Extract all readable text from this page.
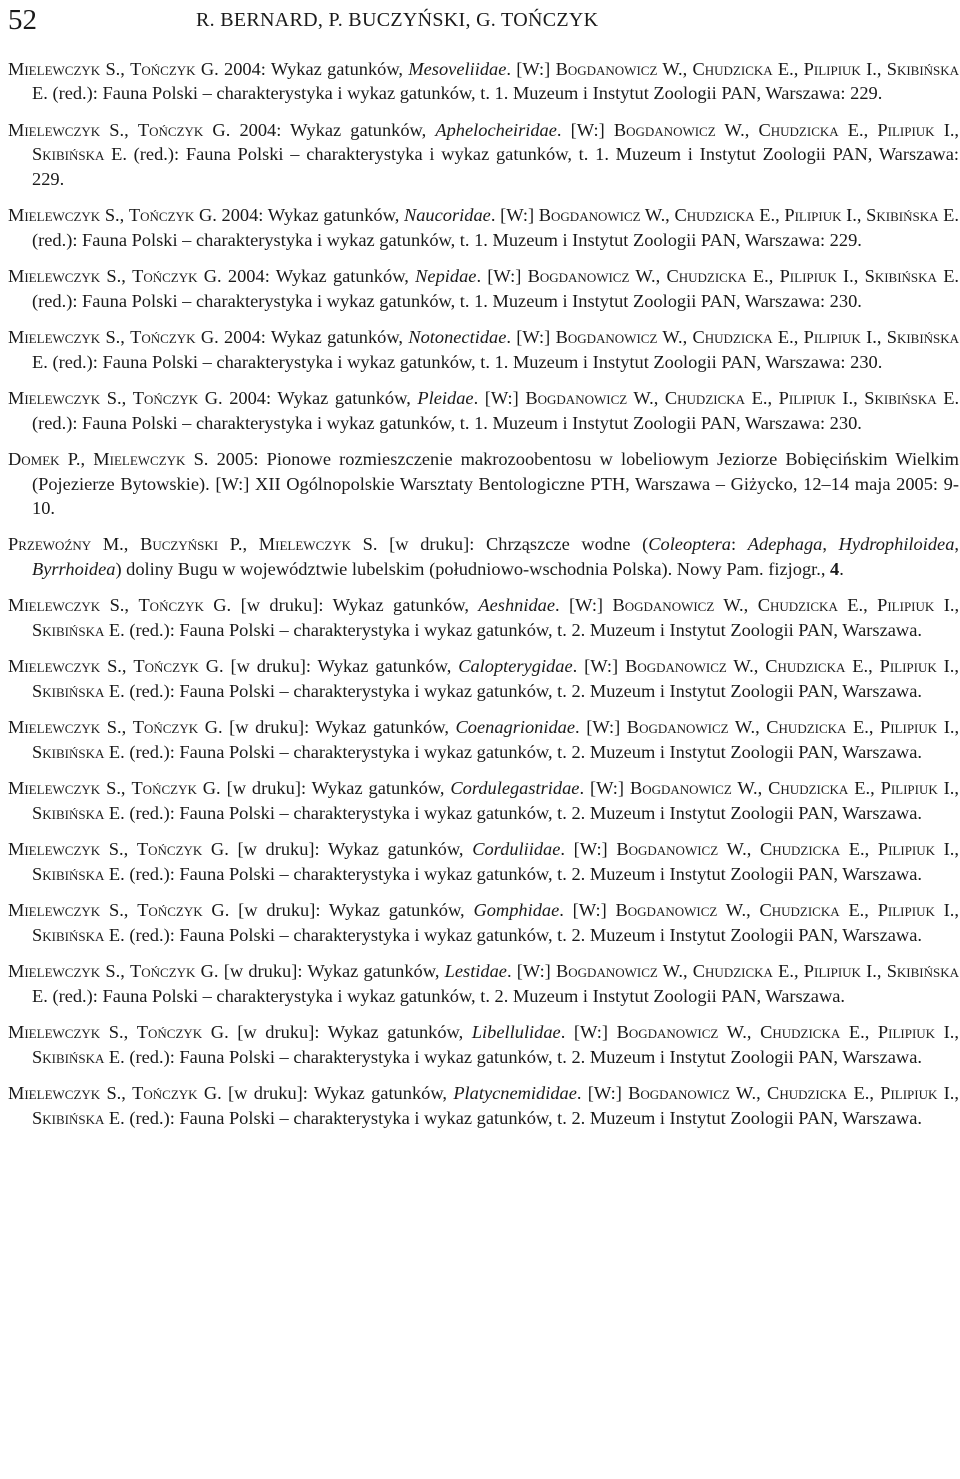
52	R. BERNARD, P. BUCZYŃSKI, G. TOŃCZYK

Mielewczyk S., Tończyk G. 2004: Wykaz gatunków, Mesoveliidae. [W:] Bogdanowicz W., Chudzicka E., Pilipiuk I., Skibińska E. (red.): Fauna Polski – charakterystyka i wykaz gatunków, t. 1. Muzeum i Instytut Zoologii PAN, Warszawa: 229.

Mielewczyk S., Tończyk G. 2004: Wykaz gatunków, Aphelocheiridae. [W:] Bogdanowicz W., Chudzicka E., Pilipiuk I., Skibińska E. (red.): Fauna Polski – charakterystyka i wykaz gatunków, t. 1. Muzeum i Instytut Zoologii PAN, Warszawa: 229.

Mielewczyk S., Tończyk G. 2004: Wykaz gatunków, Naucoridae. [W:] Bogdanowicz W., Chudzicka E., Pilipiuk I., Skibińska E. (red.): Fauna Polski – charakterystyka i wykaz gatunków, t. 1. Muzeum i Instytut Zoologii PAN, Warszawa: 229.

Mielewczyk S., Tończyk G. 2004: Wykaz gatunków, Nepidae. [W:] Bogdanowicz W., Chudzicka E., Pilipiuk I., Skibińska E. (red.): Fauna Polski – charakterystyka i wykaz gatunków, t. 1. Muzeum i Instytut Zoologii PAN, Warszawa: 230.

Mielewczyk S., Tończyk G. 2004: Wykaz gatunków, Notonectidae. [W:] Bogdanowicz W., Chudzicka E., Pilipiuk I., Skibińska E. (red.): Fauna Polski – charakterystyka i wykaz gatunków, t. 1. Muzeum i Instytut Zoologii PAN, Warszawa: 230.

Mielewczyk S., Tończyk G. 2004: Wykaz gatunków, Pleidae. [W:] Bogdanowicz W., Chudzicka E., Pilipiuk I., Skibińska E. (red.): Fauna Polski – charakterystyka i wykaz gatunków, t. 1. Muzeum i Instytut Zoologii PAN, Warszawa: 230.

Domek P., Mielewczyk S. 2005: Pionowe rozmieszczenie makrozoobentosu w lobeliowym Jeziorze Bobięcińskim Wielkim (Pojezierze Bytowskie). [W:] XII Ogólnopolskie Warsztaty Bentologiczne PTH, Warszawa – Giżycko, 12–14 maja 2005: 9-10.

Przewoźny M., Buczyński P., Mielewczyk S. [w druku]: Chrząszcze wodne (Coleoptera: Adephaga, Hydrophiloidea, Byrrhoidea) doliny Bugu w województwie lubelskim (południowo-wschodnia Polska). Nowy Pam. fizjogr., 4.

Mielewczyk S., Tończyk G. [w druku]: Wykaz gatunków, Aeshnidae. [W:] Bogdanowicz W., Chudzicka E., Pilipiuk I., Skibińska E. (red.): Fauna Polski – charakterystyka i wykaz gatunków, t. 2. Muzeum i Instytut Zoologii PAN, Warszawa.

Mielewczyk S., Tończyk G. [w druku]: Wykaz gatunków, Calopterygidae. [W:] Bogdanowicz W., Chudzicka E., Pilipiuk I., Skibińska E. (red.): Fauna Polski – charakterystyka i wykaz gatunków, t. 2. Muzeum i Instytut Zoologii PAN, Warszawa.

Mielewczyk S., Tończyk G. [w druku]: Wykaz gatunków, Coenagrionidae. [W:] Bogdanowicz W., Chudzicka E., Pilipiuk I., Skibińska E. (red.): Fauna Polski – charakterystyka i wykaz gatunków, t. 2. Muzeum i Instytut Zoologii PAN, Warszawa.

Mielewczyk S., Tończyk G. [w druku]: Wykaz gatunków, Cordulegastridae. [W:] Bogdanowicz W., Chudzicka E., Pilipiuk I., Skibińska E. (red.): Fauna Polski – charakterystyka i wykaz gatunków, t. 2. Muzeum i Instytut Zoologii PAN, Warszawa.

Mielewczyk S., Tończyk G. [w druku]: Wykaz gatunków, Corduliidae. [W:] Bogdanowicz W., Chudzicka E., Pilipiuk I., Skibińska E. (red.): Fauna Polski – charakterystyka i wykaz gatunków, t. 2. Muzeum i Instytut Zoologii PAN, Warszawa.

Mielewczyk S., Tończyk G. [w druku]: Wykaz gatunków, Gomphidae. [W:] Bogdanowicz W., Chudzicka E., Pilipiuk I., Skibińska E. (red.): Fauna Polski – charakterystyka i wykaz gatunków, t. 2. Muzeum i Instytut Zoologii PAN, Warszawa.

Mielewczyk S., Tończyk G. [w druku]: Wykaz gatunków, Lestidae. [W:] Bogdanowicz W., Chudzicka E., Pilipiuk I., Skibińska E. (red.): Fauna Polski – charakterystyka i wykaz gatunków, t. 2. Muzeum i Instytut Zoologii PAN, Warszawa.

Mielewczyk S., Tończyk G. [w druku]: Wykaz gatunków, Libellulidae. [W:] Bogdanowicz W., Chudzicka E., Pilipiuk I., Skibińska E. (red.): Fauna Polski – charakterystyka i wykaz gatunków, t. 2. Muzeum i Instytut Zoologii PAN, Warszawa.

Mielewczyk S., Tończyk G. [w druku]: Wykaz gatunków, Platycnemididae. [W:] Bogdanowicz W., Chudzicka E., Pilipiuk I., Skibińska E. (red.): Fauna Polski – charakterystyka i wykaz gatunków, t. 2. Muzeum i Instytut Zoologii PAN, Warszawa.
